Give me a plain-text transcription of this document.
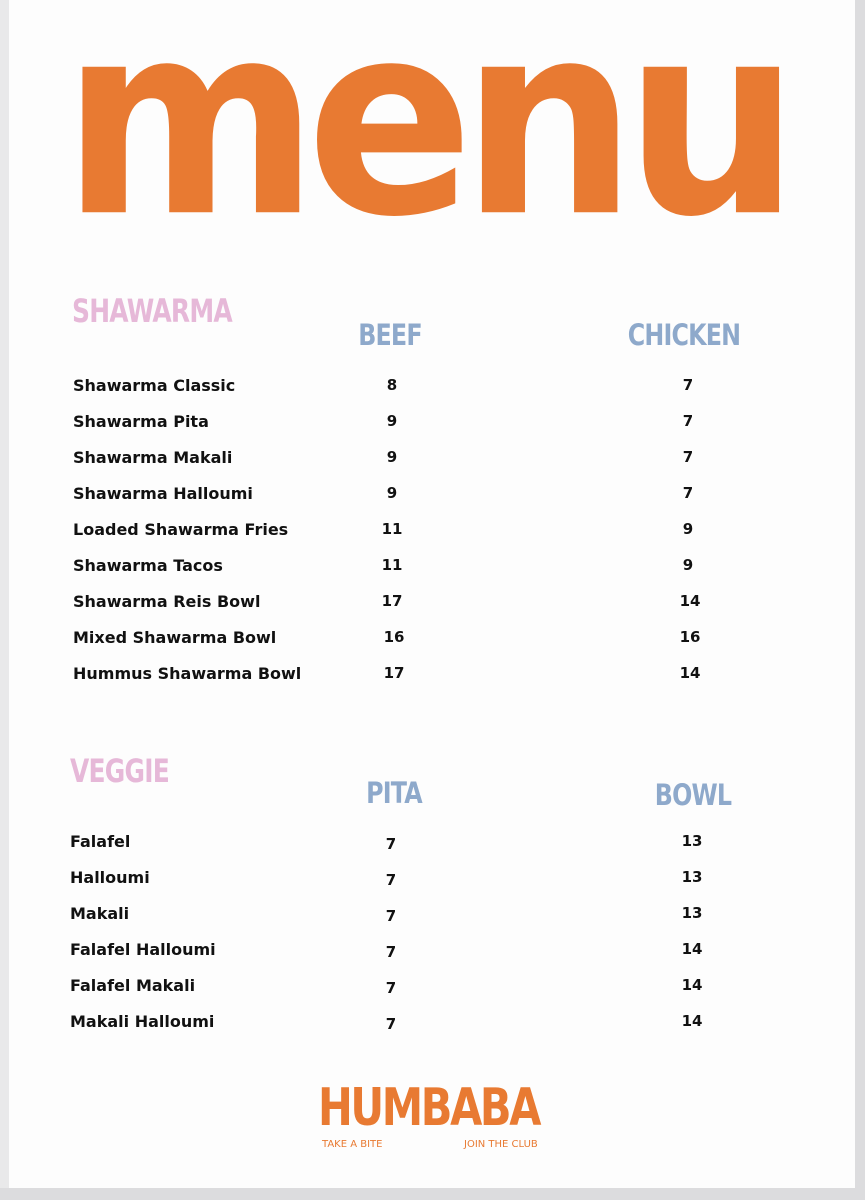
menu
SHAWARMA
BEEF	CHICKEN
Shawarma Classic	8	7
Shawarma Pita	9	7
Shawarma Makali	9	7
Shawarma Halloumi	9	7
Loaded Shawarma Fries	11	9
Shawarma Tacos	11	9
Shawarma Reis Bowl	17	14
Mixed Shawarma Bowl	16	16
Hummus Shawarma Bowl	17	14
VEGGIE
PITA	BOWL
Falafel	7	13
Halloumi	7	13
Makali	7	13
Falafel Halloumi	7	14
Falafel Makali	7	14
Makali Halloumi	7	14
HUMBABA
TAKE A BITE	JOIN THE CLUB
